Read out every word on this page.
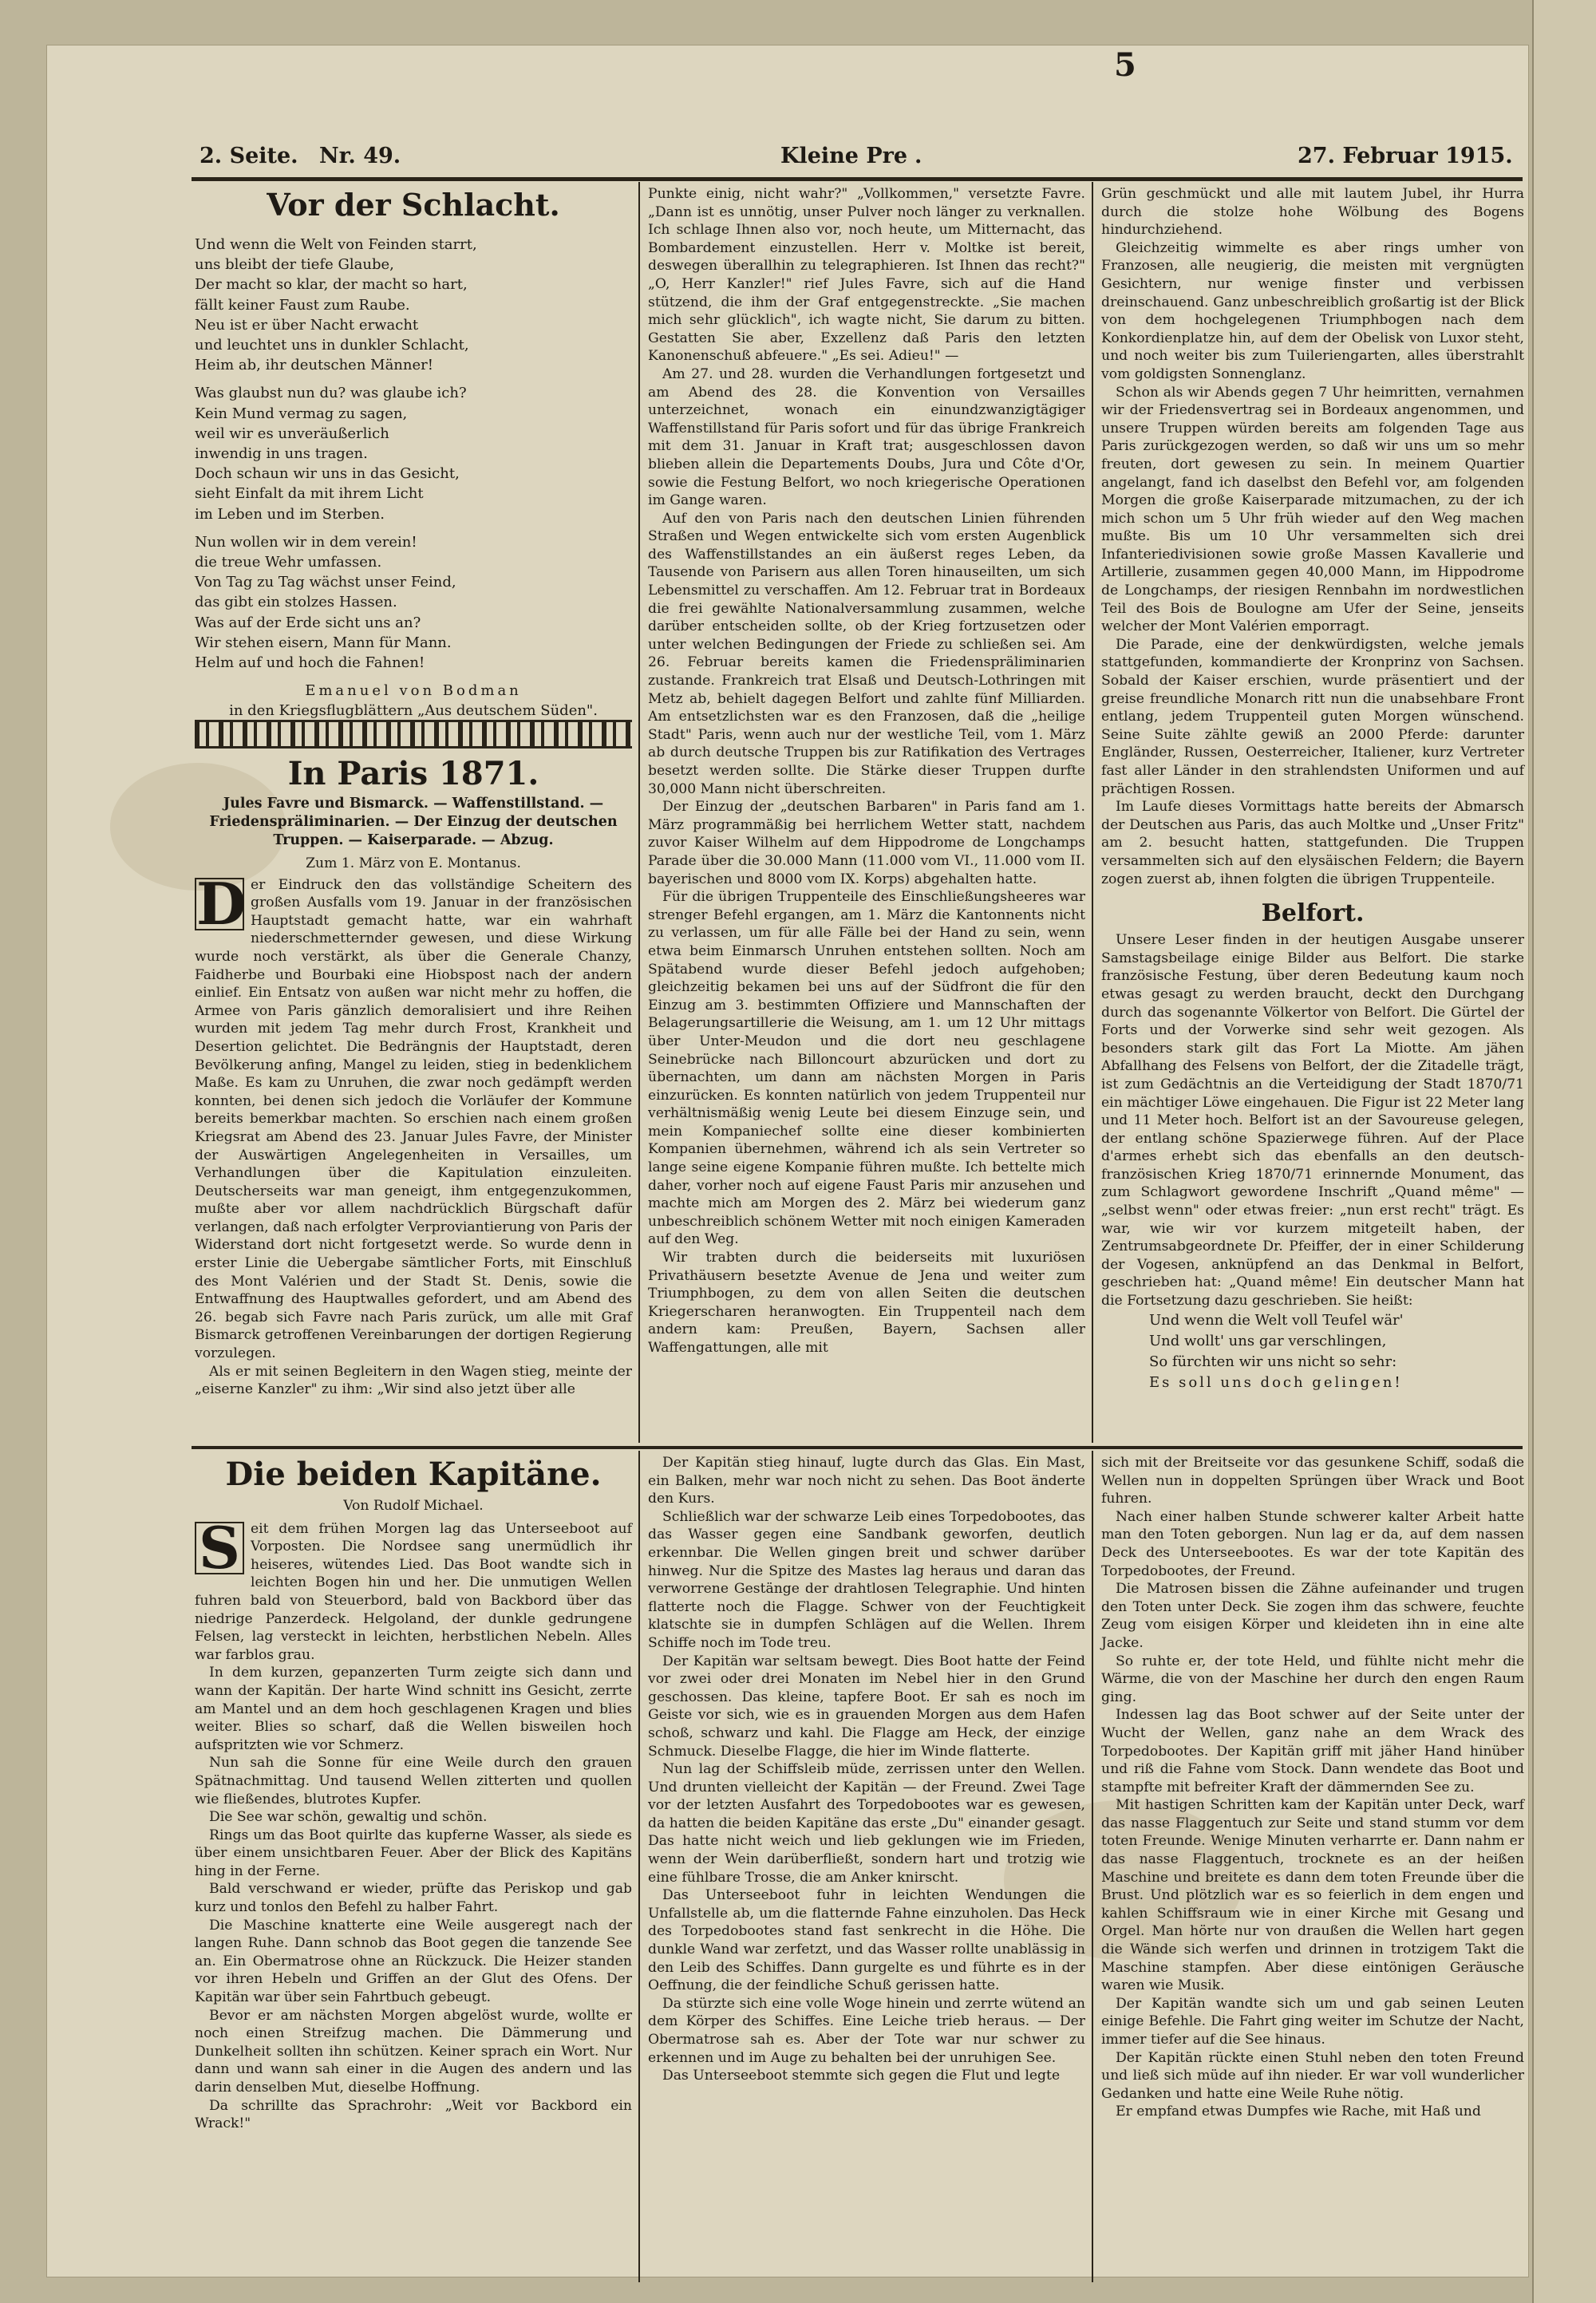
5
2. Seite. Nr. 49.	Kleine Pre .	27. Februar 1915.
Vor der Schlacht.
Und wenn die Welt von Feinden starrt,
uns bleibt der tiefe Glaube,
Der macht so klar, der macht so hart,
fällt keiner Faust zum Raube.
Neu ist er über Nacht erwacht
und leuchtet uns in dunkler Schlacht,
Heim ab, ihr deutschen Männer!
Was glaubst nun du? was glaube ich?
Kein Mund vermag zu sagen,
weil wir es unveräußerlich
inwendig in uns tragen.
Doch schaun wir uns in das Gesicht,
sieht Einfalt da mit ihrem Licht
im Leben und im Sterben.
Nun wollen wir in dem verein!
die treue Wehr umfassen.
Von Tag zu Tag wächst unser Feind,
das gibt ein stolzes Hassen.
Was auf der Erde sicht uns an?
Wir stehen eisern, Mann für Mann.
Helm auf und hoch die Fahnen!
Emanuel von Bodman
in den Kriegsflugblättern „Aus deutschem Süden".
In Paris 1871.
Jules Favre und Bismarck. — Waffenstillstand. — Friedenspräliminarien. — Der Einzug der deutschen Truppen. — Kaiserparade. — Abzug.
Zum 1. März von E. Montanus.
D er Eindruck den das vollständige Scheitern des großen Ausfalls vom 19. Januar in der französischen Hauptstadt gemacht hatte, war ein wahrhaft niederschmetternder gewesen, und diese Wirkung wurde noch verstärkt, als über die Generale Chanzy, Faidherbe und Bourbaki eine Hiobspost nach der andern einlief. Ein Entsatz von außen war nicht mehr zu hoffen, die Armee von Paris gänzlich demoralisiert und ihre Reihen wurden mit jedem Tag mehr durch Frost, Krankheit und Desertion gelichtet. Die Bedrängnis der Hauptstadt, deren Bevölkerung anfing, Mangel zu leiden, stieg in bedenklichem Maße. Es kam zu Unruhen, die zwar noch gedämpft werden konnten, bei denen sich jedoch die Vorläufer der Kommune bereits bemerkbar machten. So erschien nach einem großen Kriegsrat am Abend des 23. Januar Jules Favre, der Minister der Auswärtigen Angelegenheiten in Versailles, um Verhandlungen über die Kapitulation einzuleiten. Deutscherseits war man geneigt, ihm entgegenzukommen, mußte aber vor allem nachdrücklich Bürgschaft dafür verlangen, daß nach erfolgter Verproviantierung von Paris der Widerstand dort nicht fortgesetzt werde. So wurde denn in erster Linie die Uebergabe sämtlicher Forts, mit Einschluß des Mont Valérien und der Stadt St. Denis, sowie die Entwaffnung des Hauptwalles gefordert, und am Abend des 26. begab sich Favre nach Paris zurück, um alle mit Graf Bismarck getroffenen Vereinbarungen der dortigen Regierung vorzulegen.

Als er mit seinen Begleitern in den Wagen stieg, meinte der „eiserne Kanzler" zu ihm: „Wir sind also jetzt über alle

Punkte einig, nicht wahr?" „Vollkommen," versetzte Favre. „Dann ist es unnötig, unser Pulver noch länger zu verknallen. Ich schlage Ihnen also vor, noch heute, um Mitternacht, das Bombardement einzustellen. Herr v. Moltke ist bereit, deswegen überallhin zu telegraphieren. Ist Ihnen das recht?" „O, Herr Kanzler!" rief Jules Favre, sich auf die Hand stützend, die ihm der Graf entgegenstreckte. „Sie machen mich sehr glücklich", ich wagte nicht, Sie darum zu bitten. Gestatten Sie aber, Exzellenz daß Paris den letzten Kanonenschuß abfeuere." „Es sei. Adieu!" —

Am 27. und 28. wurden die Verhandlungen fortgesetzt und am Abend des 28. die Konvention von Versailles unterzeichnet, wonach ein einundzwanzigtägiger Waffenstillstand für Paris sofort und für das übrige Frankreich mit dem 31. Januar in Kraft trat; ausgeschlossen davon blieben allein die Departements Doubs, Jura und Côte d'Or, sowie die Festung Belfort, wo noch kriegerische Operationen im Gange waren.

Auf den von Paris nach den deutschen Linien führenden Straßen und Wegen entwickelte sich vom ersten Augenblick des Waffenstillstandes an ein äußerst reges Leben, da Tausende von Parisern aus allen Toren hinauseilten, um sich Lebensmittel zu verschaffen. Am 12. Februar trat in Bordeaux die frei gewählte Nationalversammlung zusammen, welche darüber entscheiden sollte, ob der Krieg fortzusetzen oder unter welchen Bedingungen der Friede zu schließen sei. Am 26. Februar bereits kamen die Friedenspräliminarien zustande. Frankreich trat Elsaß und Deutsch-Lothringen mit Metz ab, behielt dagegen Belfort und zahlte fünf Milliarden. Am entsetzlichsten war es den Franzosen, daß die „heilige Stadt" Paris, wenn auch nur der westliche Teil, vom 1. März ab durch deutsche Truppen bis zur Ratifikation des Vertrages besetzt werden sollte. Die Stärke dieser Truppen durfte 30,000 Mann nicht überschreiten.

Der Einzug der „deutschen Barbaren" in Paris fand am 1. März programmäßig bei herrlichem Wetter statt, nachdem zuvor Kaiser Wilhelm auf dem Hippodrome de Longchamps Parade über die 30.000 Mann (11.000 vom VI., 11.000 vom II. bayerischen und 8000 vom IX. Korps) abgehalten hatte.

Für die übrigen Truppenteile des Einschließungsheeres war strenger Befehl ergangen, am 1. März die Kantonnents nicht zu verlassen, um für alle Fälle bei der Hand zu sein, wenn etwa beim Einmarsch Unruhen entstehen sollten. Noch am Spätabend wurde dieser Befehl jedoch aufgehoben; gleichzeitig bekamen bei uns auf der Südfront die für den Einzug am 3. bestimmten Offiziere und Mannschaften der Belagerungsartillerie die Weisung, am 1. um 12 Uhr mittags über Unter-Meudon und die dort neu geschlagene Seinebrücke nach Billoncourt abzurücken und dort zu übernachten, um dann am nächsten Morgen in Paris einzurücken. Es konnten natürlich von jedem Truppenteil nur verhältnismäßig wenig Leute bei diesem Einzuge sein, und mein Kompaniechef sollte eine dieser kombinierten Kompanien übernehmen, während ich als sein Vertreter so lange seine eigene Kompanie führen mußte. Ich bettelte mich daher, vorher noch auf eigene Faust Paris mir anzusehen und machte mich am Morgen des 2. März bei wiederum ganz unbeschreiblich schönem Wetter mit noch einigen Kameraden auf den Weg.

Wir trabten durch die beiderseits mit luxuriösen Privathäusern besetzte Avenue de Jena und weiter zum Triumphbogen, zu dem von allen Seiten die deutschen Kriegerscharen heranwogten. Ein Truppenteil nach dem andern kam: Preußen, Bayern, Sachsen aller Waffengattungen, alle mit

Grün geschmückt und alle mit lautem Jubel, ihr Hurra durch die stolze hohe Wölbung des Bogens hindurchziehend.

Gleichzeitig wimmelte es aber rings umher von Franzosen, alle neugierig, die meisten mit vergnügten Gesichtern, nur wenige finster und verbissen dreinschauend. Ganz unbeschreiblich großartig ist der Blick von dem hochgelegenen Triumphbogen nach dem Konkordienplatze hin, auf dem der Obelisk von Luxor steht, und noch weiter bis zum Tuileriengarten, alles überstrahlt vom goldigsten Sonnenglanz.

Schon als wir Abends gegen 7 Uhr heimritten, vernahmen wir der Friedensvertrag sei in Bordeaux angenommen, und unsere Truppen würden bereits am folgenden Tage aus Paris zurückgezogen werden, so daß wir uns um so mehr freuten, dort gewesen zu sein. In meinem Quartier angelangt, fand ich daselbst den Befehl vor, am folgenden Morgen die große Kaiserparade mitzumachen, zu der ich mich schon um 5 Uhr früh wieder auf den Weg machen mußte. Bis um 10 Uhr versammelten sich drei Infanteriedivisionen sowie große Massen Kavallerie und Artillerie, zusammen gegen 40,000 Mann, im Hippodrome de Longchamps, der riesigen Rennbahn im nordwestlichen Teil des Bois de Boulogne am Ufer der Seine, jenseits welcher der Mont Valérien emporragt.

Die Parade, eine der denkwürdigsten, welche jemals stattgefunden, kommandierte der Kronprinz von Sachsen. Sobald der Kaiser erschien, wurde präsentiert und der greise freundliche Monarch ritt nun die unabsehbare Front entlang, jedem Truppenteil guten Morgen wünschend. Seine Suite zählte gewiß an 2000 Pferde: darunter Engländer, Russen, Oesterreicher, Italiener, kurz Vertreter fast aller Länder in den strahlendsten Uniformen und auf prächtigen Rossen.

Im Laufe dieses Vormittags hatte bereits der Abmarsch der Deutschen aus Paris, das auch Moltke und „Unser Fritz" am 2. besucht hatten, stattgefunden. Die Truppen versammelten sich auf den elysäischen Feldern; die Bayern zogen zuerst ab, ihnen folgten die übrigen Truppenteile.

Belfort.

Unsere Leser finden in der heutigen Ausgabe unserer Samstagsbeilage einige Bilder aus Belfort. Die starke französische Festung, über deren Bedeutung kaum noch etwas gesagt zu werden braucht, deckt den Durchgang durch das sogenannte Völkertor von Belfort. Die Gürtel der Forts und der Vorwerke sind sehr weit gezogen. Als besonders stark gilt das Fort La Miotte. Am jähen Abfallhang des Felsens von Belfort, der die Zitadelle trägt, ist zum Gedächtnis an die Verteidigung der Stadt 1870/71 ein mächtiger Löwe eingehauen. Die Figur ist 22 Meter lang und 11 Meter hoch. Belfort ist an der Savoureuse gelegen, der entlang schöne Spazierwege führen. Auf der Place d'armes erhebt sich das ebenfalls an den deutsch-französischen Krieg 1870/71 erinnernde Monument, das zum Schlagwort gewordene Inschrift „Quand même" — „selbst wenn" oder etwas freier: „nun erst recht" trägt. Es war, wie wir vor kurzem mitgeteilt haben, der Zentrumsabgeordnete Dr. Pfeiffer, der in einer Schilderung der Vogesen, anknüpfend an das Denkmal in Belfort, geschrieben hat: „Quand même! Ein deutscher Mann hat die Fortsetzung dazu geschrieben. Sie heißt:

Und wenn die Welt voll Teufel wär'
Und wollt' uns gar verschlingen,
So fürchten wir uns nicht so sehr:
Es soll uns doch gelingen!
Die beiden Kapitäne.
Von Rudolf Michael.
S eit dem frühen Morgen lag das Unterseeboot auf Vorposten. Die Nordsee sang unermüdlich ihr heiseres, wütendes Lied. Das Boot wandte sich in leichten Bogen hin und her. Die unmutigen Wellen fuhren bald von Steuerbord, bald von Backbord über das niedrige Panzerdeck. Helgoland, der dunkle gedrungene Felsen, lag versteckt in leichten, herbstlichen Nebeln. Alles war farblos grau.

In dem kurzen, gepanzerten Turm zeigte sich dann und wann der Kapitän. Der harte Wind schnitt ins Gesicht, zerrte am Mantel und an dem hoch geschlagenen Kragen und blies weiter. Blies so scharf, daß die Wellen bisweilen hoch aufspritzten wie vor Schmerz.

Nun sah die Sonne für eine Weile durch den grauen Spätnachmittag. Und tausend Wellen zitterten und quollen wie fließendes, blutrotes Kupfer.

Die See war schön, gewaltig und schön.

Rings um das Boot quirlte das kupferne Wasser, als siede es über einem unsichtbaren Feuer. Aber der Blick des Kapitäns hing in der Ferne.

Bald verschwand er wieder, prüfte das Periskop und gab kurz und tonlos den Befehl zu halber Fahrt.

Die Maschine knatterte eine Weile ausgeregt nach der langen Ruhe. Dann schnob das Boot gegen die tanzende See an. Ein Obermatrose ohne an Rückzuck. Die Heizer standen vor ihren Hebeln und Griffen an der Glut des Ofens. Der Kapitän war über sein Fahrtbuch gebeugt.

Bevor er am nächsten Morgen abgelöst wurde, wollte er noch einen Streifzug machen. Die Dämmerung und Dunkelheit sollten ihn schützen. Keiner sprach ein Wort. Nur dann und wann sah einer in die Augen des andern und las darin denselben Mut, dieselbe Hoffnung.

Da schrillte das Sprachrohr: „Weit vor Backbord ein Wrack!"

Der Kapitän stieg hinauf, lugte durch das Glas. Ein Mast, ein Balken, mehr war noch nicht zu sehen. Das Boot änderte den Kurs.

Schließlich war der schwarze Leib eines Torpedobootes, das das Wasser gegen eine Sandbank geworfen, deutlich erkennbar. Die Wellen gingen breit und schwer darüber hinweg. Nur die Spitze des Mastes lag heraus und daran das verworrene Gestänge der drahtlosen Telegraphie. Und hinten flatterte noch die Flagge. Schwer von der Feuchtigkeit klatschte sie in dumpfen Schlägen auf die Wellen. Ihrem Schiffe noch im Tode treu.

Der Kapitän war seltsam bewegt. Dies Boot hatte der Feind vor zwei oder drei Monaten im Nebel hier in den Grund geschossen. Das kleine, tapfere Boot. Er sah es noch im Geiste vor sich, wie es in grauenden Morgen aus dem Hafen schoß, schwarz und kahl. Die Flagge am Heck, der einzige Schmuck. Dieselbe Flagge, die hier im Winde flatterte.

Nun lag der Schiffsleib müde, zerrissen unter den Wellen. Und drunten vielleicht der Kapitän — der Freund. Zwei Tage vor der letzten Ausfahrt des Torpedobootes war es gewesen, da hatten die beiden Kapitäne das erste „Du" einander gesagt. Das hatte nicht weich und lieb geklungen wie im Frieden, wenn der Wein darüberfließt, sondern hart und trotzig wie eine fühlbare Trosse, die am Anker knirscht.

Das Unterseeboot fuhr in leichten Wendungen die Unfallstelle ab, um die flatternde Fahne einzuholen. Das Heck des Torpedobootes stand fast senkrecht in die Höhe. Die dunkle Wand war zerfetzt, und das Wasser rollte unablässig in den Leib des Schiffes. Dann gurgelte es und führte es in der Oeffnung, die der feindliche Schuß gerissen hatte.

Da stürzte sich eine volle Woge hinein und zerrte wütend an dem Körper des Schiffes. Eine Leiche trieb heraus. — Der Obermatrose sah es. Aber der Tote war nur schwer zu erkennen und im Auge zu behalten bei der unruhigen See.

Das Unterseeboot stemmte sich gegen die Flut und legte

sich mit der Breitseite vor das gesunkene Schiff, sodaß die Wellen nun in doppelten Sprüngen über Wrack und Boot fuhren.

Nach einer halben Stunde schwerer kalter Arbeit hatte man den Toten geborgen. Nun lag er da, auf dem nassen Deck des Unterseebootes. Es war der tote Kapitän des Torpedobootes, der Freund.

Die Matrosen bissen die Zähne aufeinander und trugen den Toten unter Deck. Sie zogen ihm das schwere, feuchte Zeug vom eisigen Körper und kleideten ihn in eine alte Jacke.

So ruhte er, der tote Held, und fühlte nicht mehr die Wärme, die von der Maschine her durch den engen Raum ging.

Indessen lag das Boot schwer auf der Seite unter der Wucht der Wellen, ganz nahe an dem Wrack des Torpedobootes. Der Kapitän griff mit jäher Hand hinüber und riß die Fahne vom Stock. Dann wendete das Boot und stampfte mit befreiter Kraft der dämmernden See zu.

Mit hastigen Schritten kam der Kapitän unter Deck, warf das nasse Flaggentuch zur Seite und stand stumm vor dem toten Freunde. Wenige Minuten verharrte er. Dann nahm er das nasse Flaggentuch, trocknete es an der heißen Maschine und breitete es dann dem toten Freunde über die Brust. Und plötzlich war es so feierlich in dem engen und kahlen Schiffsraum wie in einer Kirche mit Gesang und Orgel. Man hörte nur von draußen die Wellen hart gegen die Wände sich werfen und drinnen in trotzigem Takt die Maschine stampfen. Aber diese eintönigen Geräusche waren wie Musik.

Der Kapitän wandte sich um und gab seinen Leuten einige Befehle. Die Fahrt ging weiter im Schutze der Nacht, immer tiefer auf die See hinaus.

Der Kapitän rückte einen Stuhl neben den toten Freund und ließ sich müde auf ihn nieder. Er war voll wunderlicher Gedanken und hatte eine Weile Ruhe nötig.

Er empfand etwas Dumpfes wie Rache, mit Haß und
